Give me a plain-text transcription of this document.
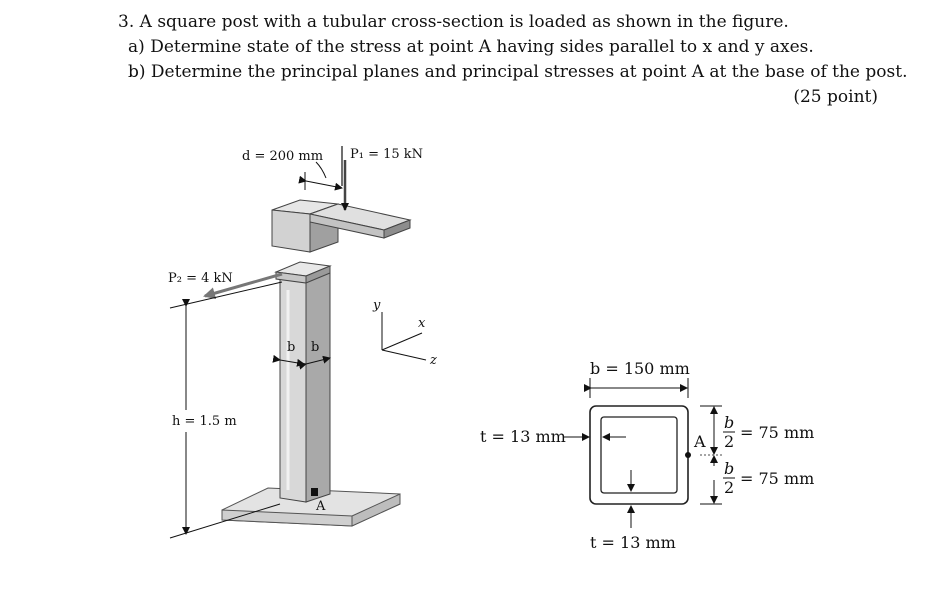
3. A square post with a tubular cross-section is loaded as shown in the figure.
a) Determine state of the stress at point A having sides parallel to x and y axes.
b) Determine the principal planes and principal stresses at point A at the base of the post.
(25 point)
A
d = 200 mm P₁ = 15 kN
P₂ = 4 kN
b b
h = 1.5 m
y
x
z	b = 150 mm
t = 13 mm
t = 13 mm
A
b
2 = 75 mm
b
2 = 75 mm
